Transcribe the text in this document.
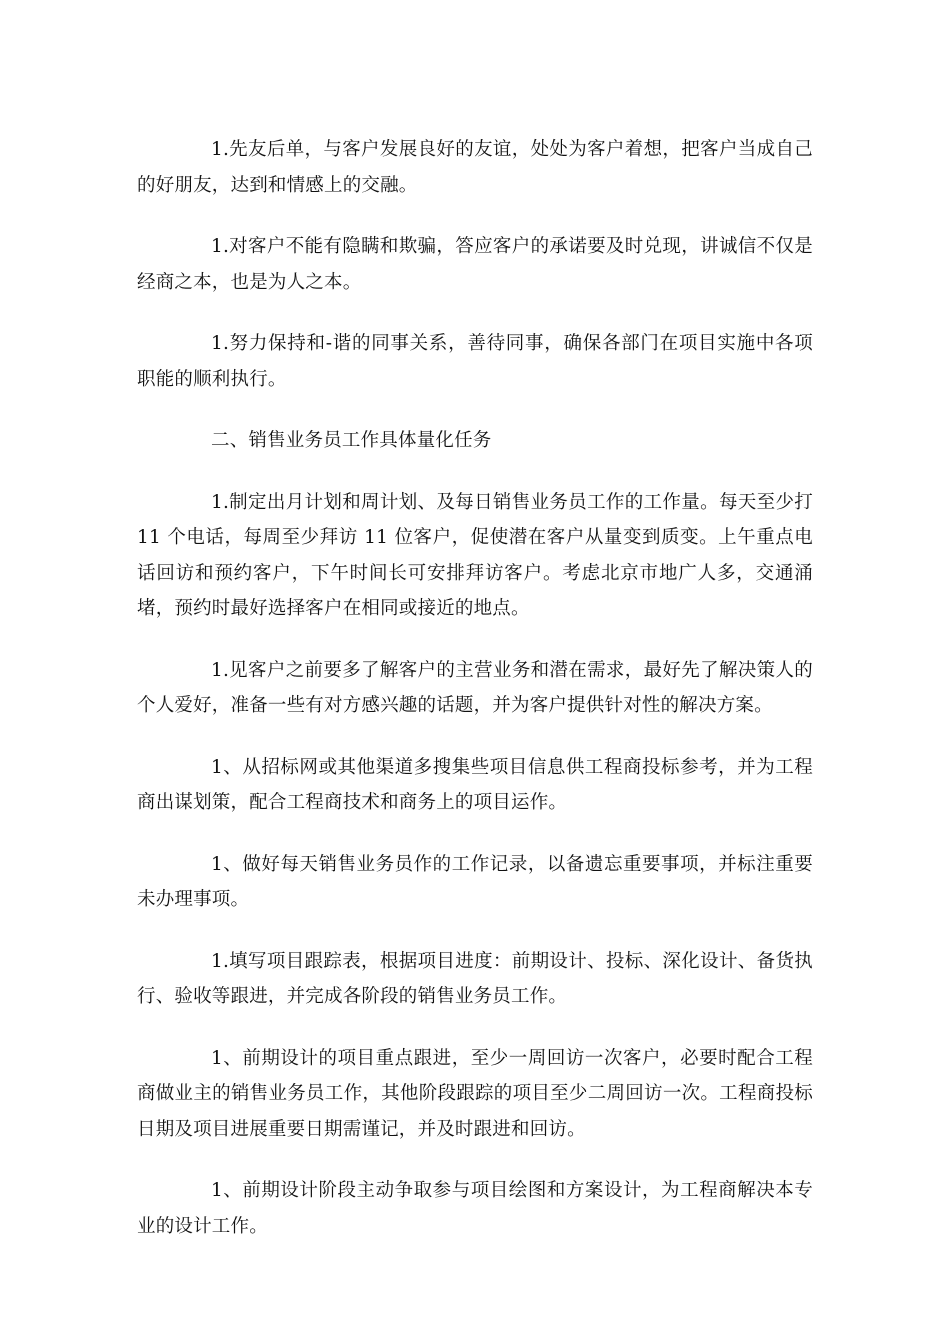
1.先友后单，与客户发展良好的友谊，处处为客户着想，把客户当成自己的好朋友，达到和情感上的交融。

1.对客户不能有隐瞒和欺骗，答应客户的承诺要及时兑现，讲诚信不仅是经商之本，也是为人之本。

1.努力保持和-谐的同事关系，善待同事，确保各部门在项目实施中各项职能的顺利执行。

二、销售业务员工作具体量化任务

1.制定出月计划和周计划、及每日销售业务员工作的工作量。每天至少打 11 个电话，每周至少拜访 11 位客户，促使潜在客户从量变到质变。上午重点电话回访和预约客户，下午时间长可安排拜访客户。考虑北京市地广人多，交通涌堵，预约时最好选择客户在相同或接近的地点。

1.见客户之前要多了解客户的主营业务和潜在需求，最好先了解决策人的个人爱好，准备一些有对方感兴趣的话题，并为客户提供针对性的解决方案。

1、从招标网或其他渠道多搜集些项目信息供工程商投标参考，并为工程商出谋划策，配合工程商技术和商务上的项目运作。

1、做好每天销售业务员作的工作记录，以备遗忘重要事项，并标注重要未办理事项。

1.填写项目跟踪表，根据项目进度：前期设计、投标、深化设计、备货执行、验收等跟进，并完成各阶段的销售业务员工作。

1、前期设计的项目重点跟进，至少一周回访一次客户，必要时配合工程商做业主的销售业务员工作，其他阶段跟踪的项目至少二周回访一次。工程商投标日期及项目进展重要日期需谨记，并及时跟进和回访。

1、前期设计阶段主动争取参与项目绘图和方案设计，为工程商解决本专业的设计工作。
